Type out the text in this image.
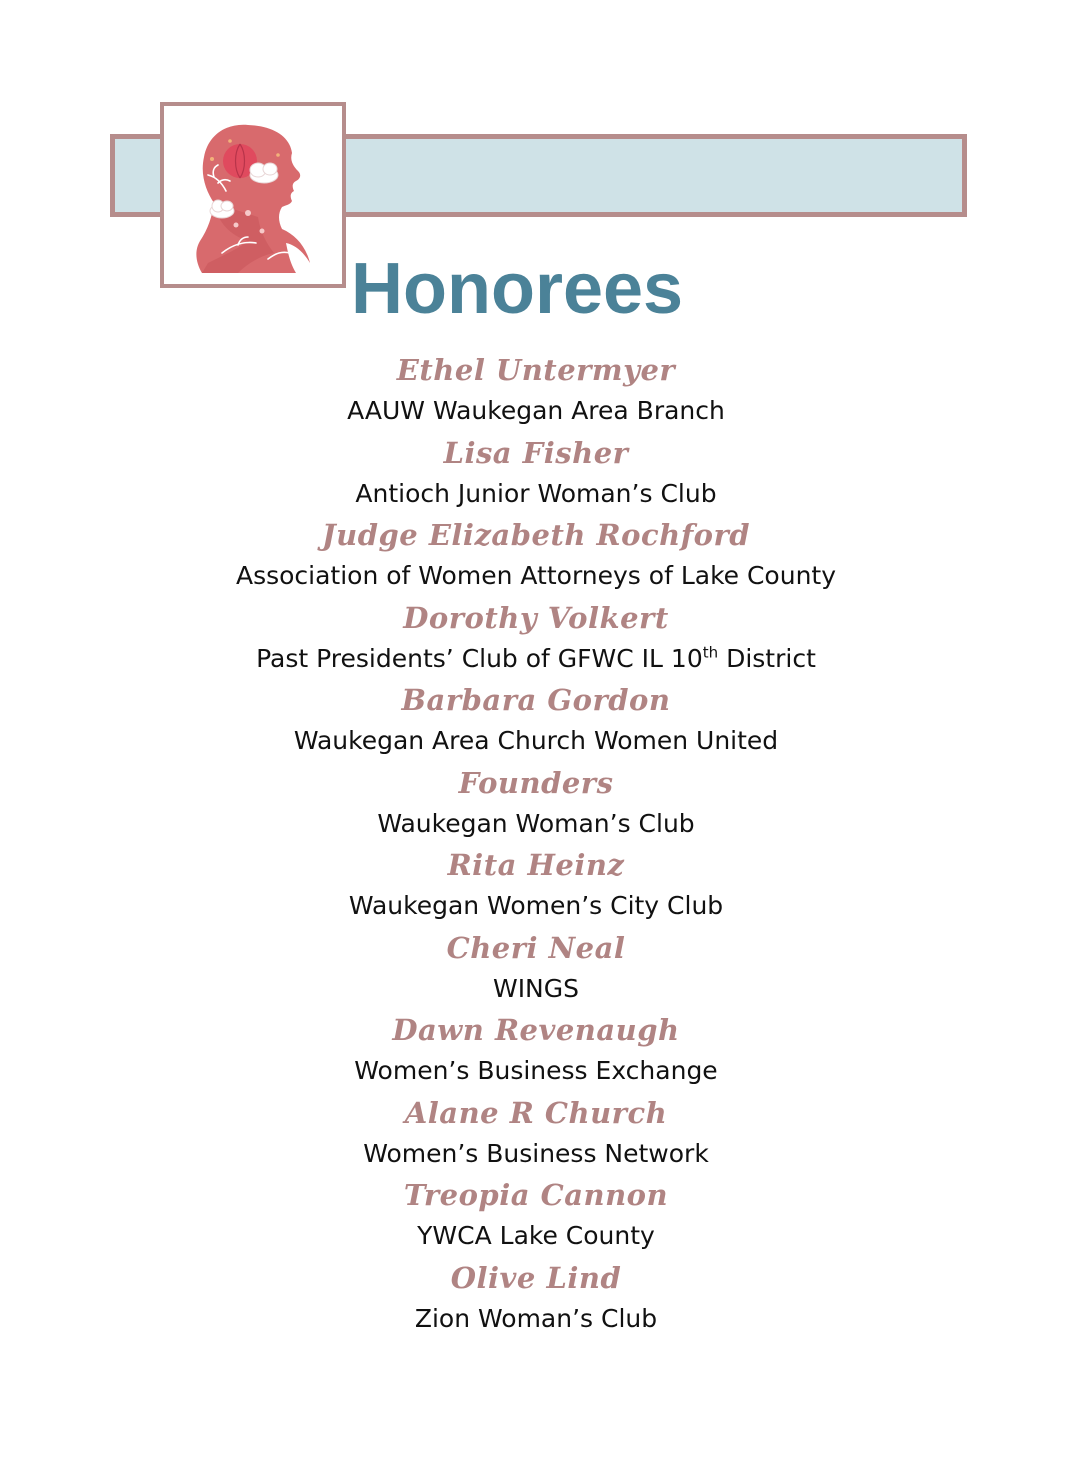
Honorees
Ethel Untermyer
AAUW Waukegan Area Branch
Lisa Fisher
Antioch Junior Woman’s Club
Judge Elizabeth Rochford
Association of Women Attorneys of Lake County
Dorothy Volkert
Past Presidents’ Club of GFWC IL 10th District
Barbara Gordon
Waukegan Area Church Women United
Founders
Waukegan Woman’s Club
Rita Heinz
Waukegan Women’s City Club
Cheri Neal
WINGS
Dawn Revenaugh
Women’s Business Exchange
Alane R Church
Women’s Business Network
Treopia Cannon
YWCA Lake County
Olive Lind
Zion Woman’s Club
